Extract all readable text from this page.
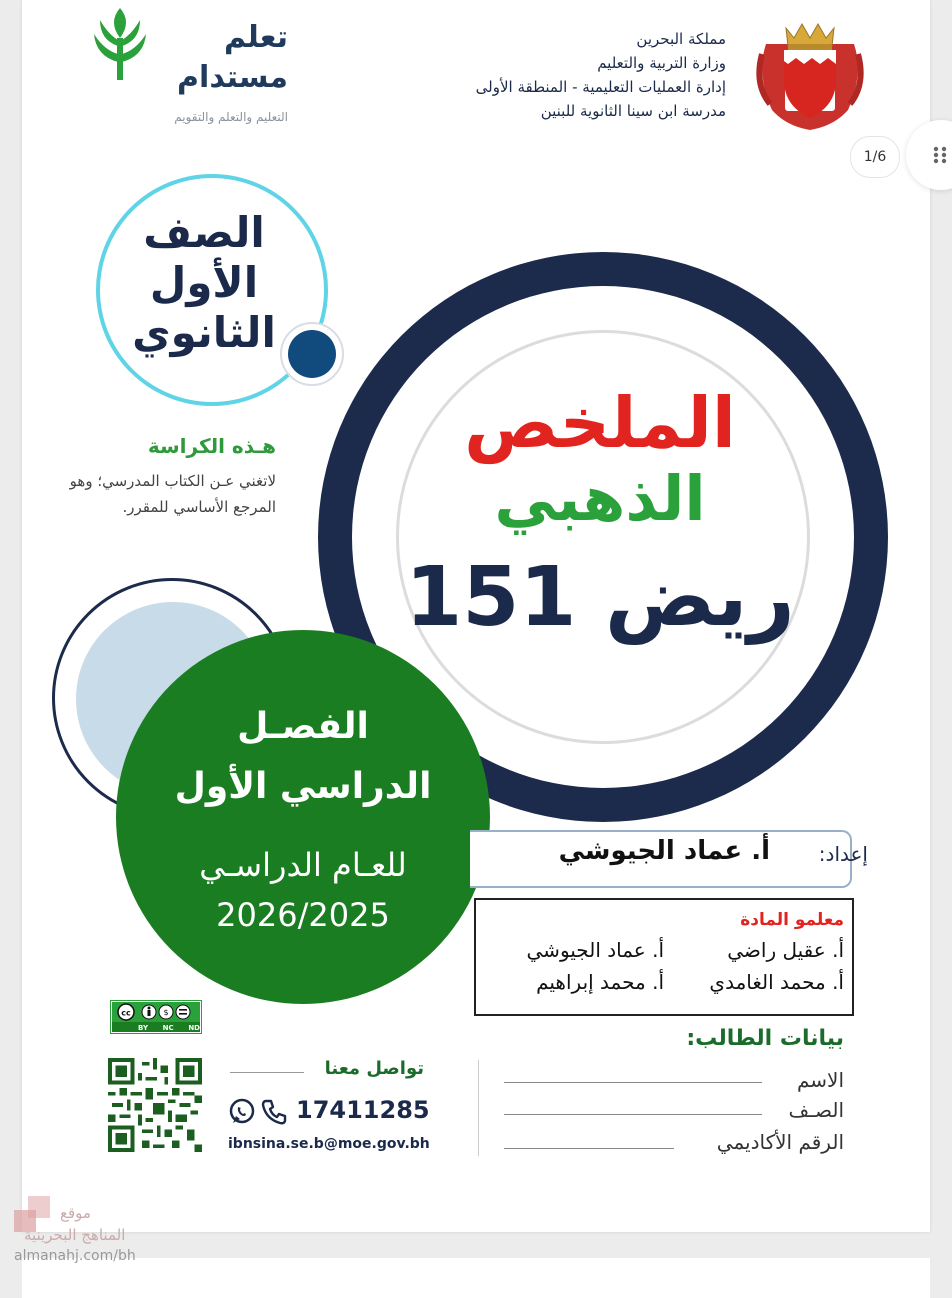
مملكة البحرين
وزارة التربية والتعليم
إدارة العمليات التعليمية - المنطقة الأولى
مدرسة ابن سينا الثانوية للبنين
تعلم
مستدام
التعليم والتعلم والتقويم
1/6
الملخص
الذهبي
ريض 151
الصف
الأول
الثانوي
هـذه الكراسة
لاتغني عـن الكتاب المدرسي؛ وهو المرجع الأساسي للمقرر.
الفصـل
الدراسي الأول
للعـام الدراسـي
2026/2025
إعداد:
أ. عماد الجيوشي
معلمو المادة
أ. عقيل راضي
أ. عماد الجيوشي
أ. محمد الغامدي
أ. محمد إبراهيم
بيانات الطالب:
الاسم
الصـف
الرقم الأكاديمي
تواصل معنا
17411285
ibnsina.se.b@moe.gov.bh
cc	$
BY NC ND
موقع
المناهج البحرينية
almanahj.com/bh
